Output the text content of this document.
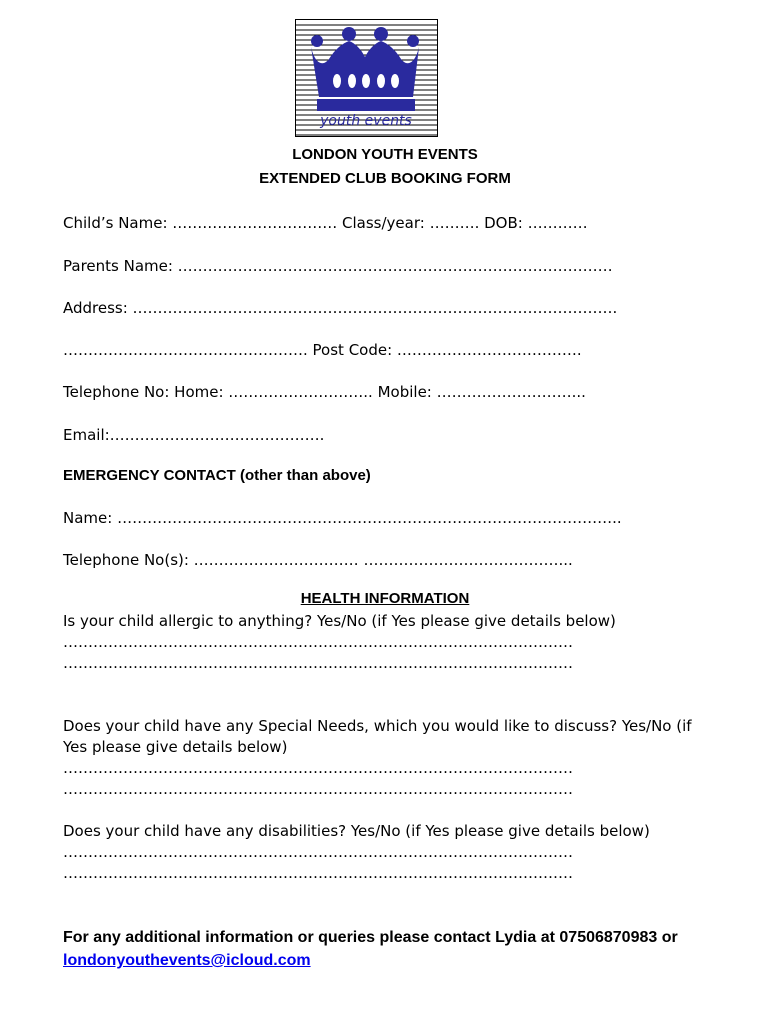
youth events
LONDON YOUTH EVENTS
EXTENDED CLUB BOOKING FORM
Child’s Name: …………………………… Class/year: ………. DOB: …………
Parents Name: ……………………………………………………………………………
Address: …………………………………………………………………………………….
…………………………………………. Post Code: ……………………………….
Telephone No: Home: ……………………….. Mobile: ………………………...
Email:…………………………………….
EMERGENCY CONTACT (other than above)
Name: ………………………………………………………………………………………..
Telephone No(s): …………………………… …………………………………...
HEALTH INFORMATION
Is your child allergic to anything? Yes/No (if Yes please give details below)
…………………………………………………………………………………………
…………………………………………………………………………………………
Does your child have any Special Needs, which you would like to discuss? Yes/No (if Yes please give details below)
…………………………………………………………………………………………
…………………………………………………………………………………………
Does your child have any disabilities? Yes/No (if Yes please give details below)
…………………………………………………………………………………………
…………………………………………………………………………………………
For any additional information or queries please contact Lydia at 07506870983 or londonyouthevents@icloud.com
